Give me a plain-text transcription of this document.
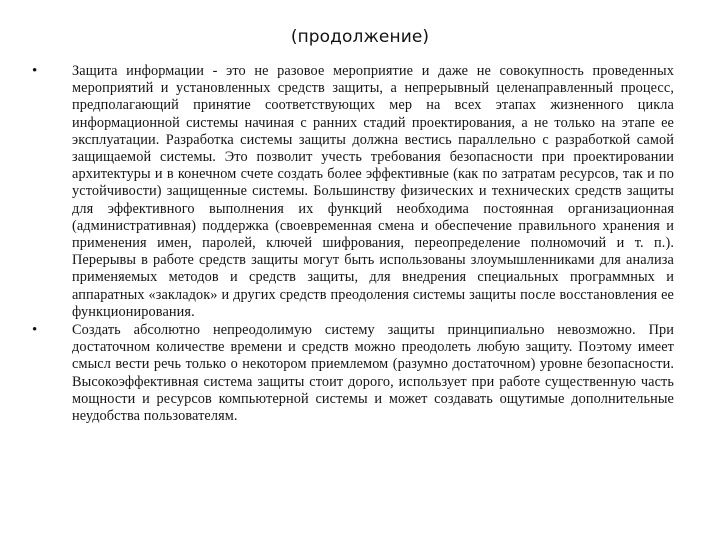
(продолжение)
• Защита информации - это не разовое мероприятие и даже не совокупность проведенных мероприятий и установленных средств защиты, а непрерывный целенаправленный процесс, предполагающий принятие соответствующих мер на всех этапах жизненного цикла информационной системы начиная с ранних стадий проектирования, а не только на этапе ее эксплуатации. Разработка системы защиты должна вестись параллельно с разработкой самой защищаемой системы. Это позволит учесть требования безопасности при проектировании архитектуры и в конечном счете создать более эффективные (как по затратам ресурсов, так и по устойчивости) защищенные системы. Большинству физических и технических средств защиты для эффективного выполнения их функций необходима постоянная организационная (административная) поддержка (своевременная смена и обеспечение правильного хранения и применения имен, паролей, ключей шифрования, переопределение полномочий и т. п.). Перерывы в работе средств защиты могут быть использованы злоумышленниками для анализа применяемых методов и средств защиты, для внедрения специальных программных и аппаратных «закладок» и других средств преодоления системы защиты после восстановления ее функционирования.
• Создать абсолютно непреодолимую систему защиты принципиально невозможно. При достаточном количестве времени и средств можно преодолеть любую защиту. Поэтому имеет смысл вести речь только о некотором приемлемом (разумно достаточном) уровне безопасности. Высокоэффективная система защиты стоит дорого, использует при работе существенную часть мощности и ресурсов компьютерной системы и может создавать ощутимые дополнительные неудобства пользователям.
